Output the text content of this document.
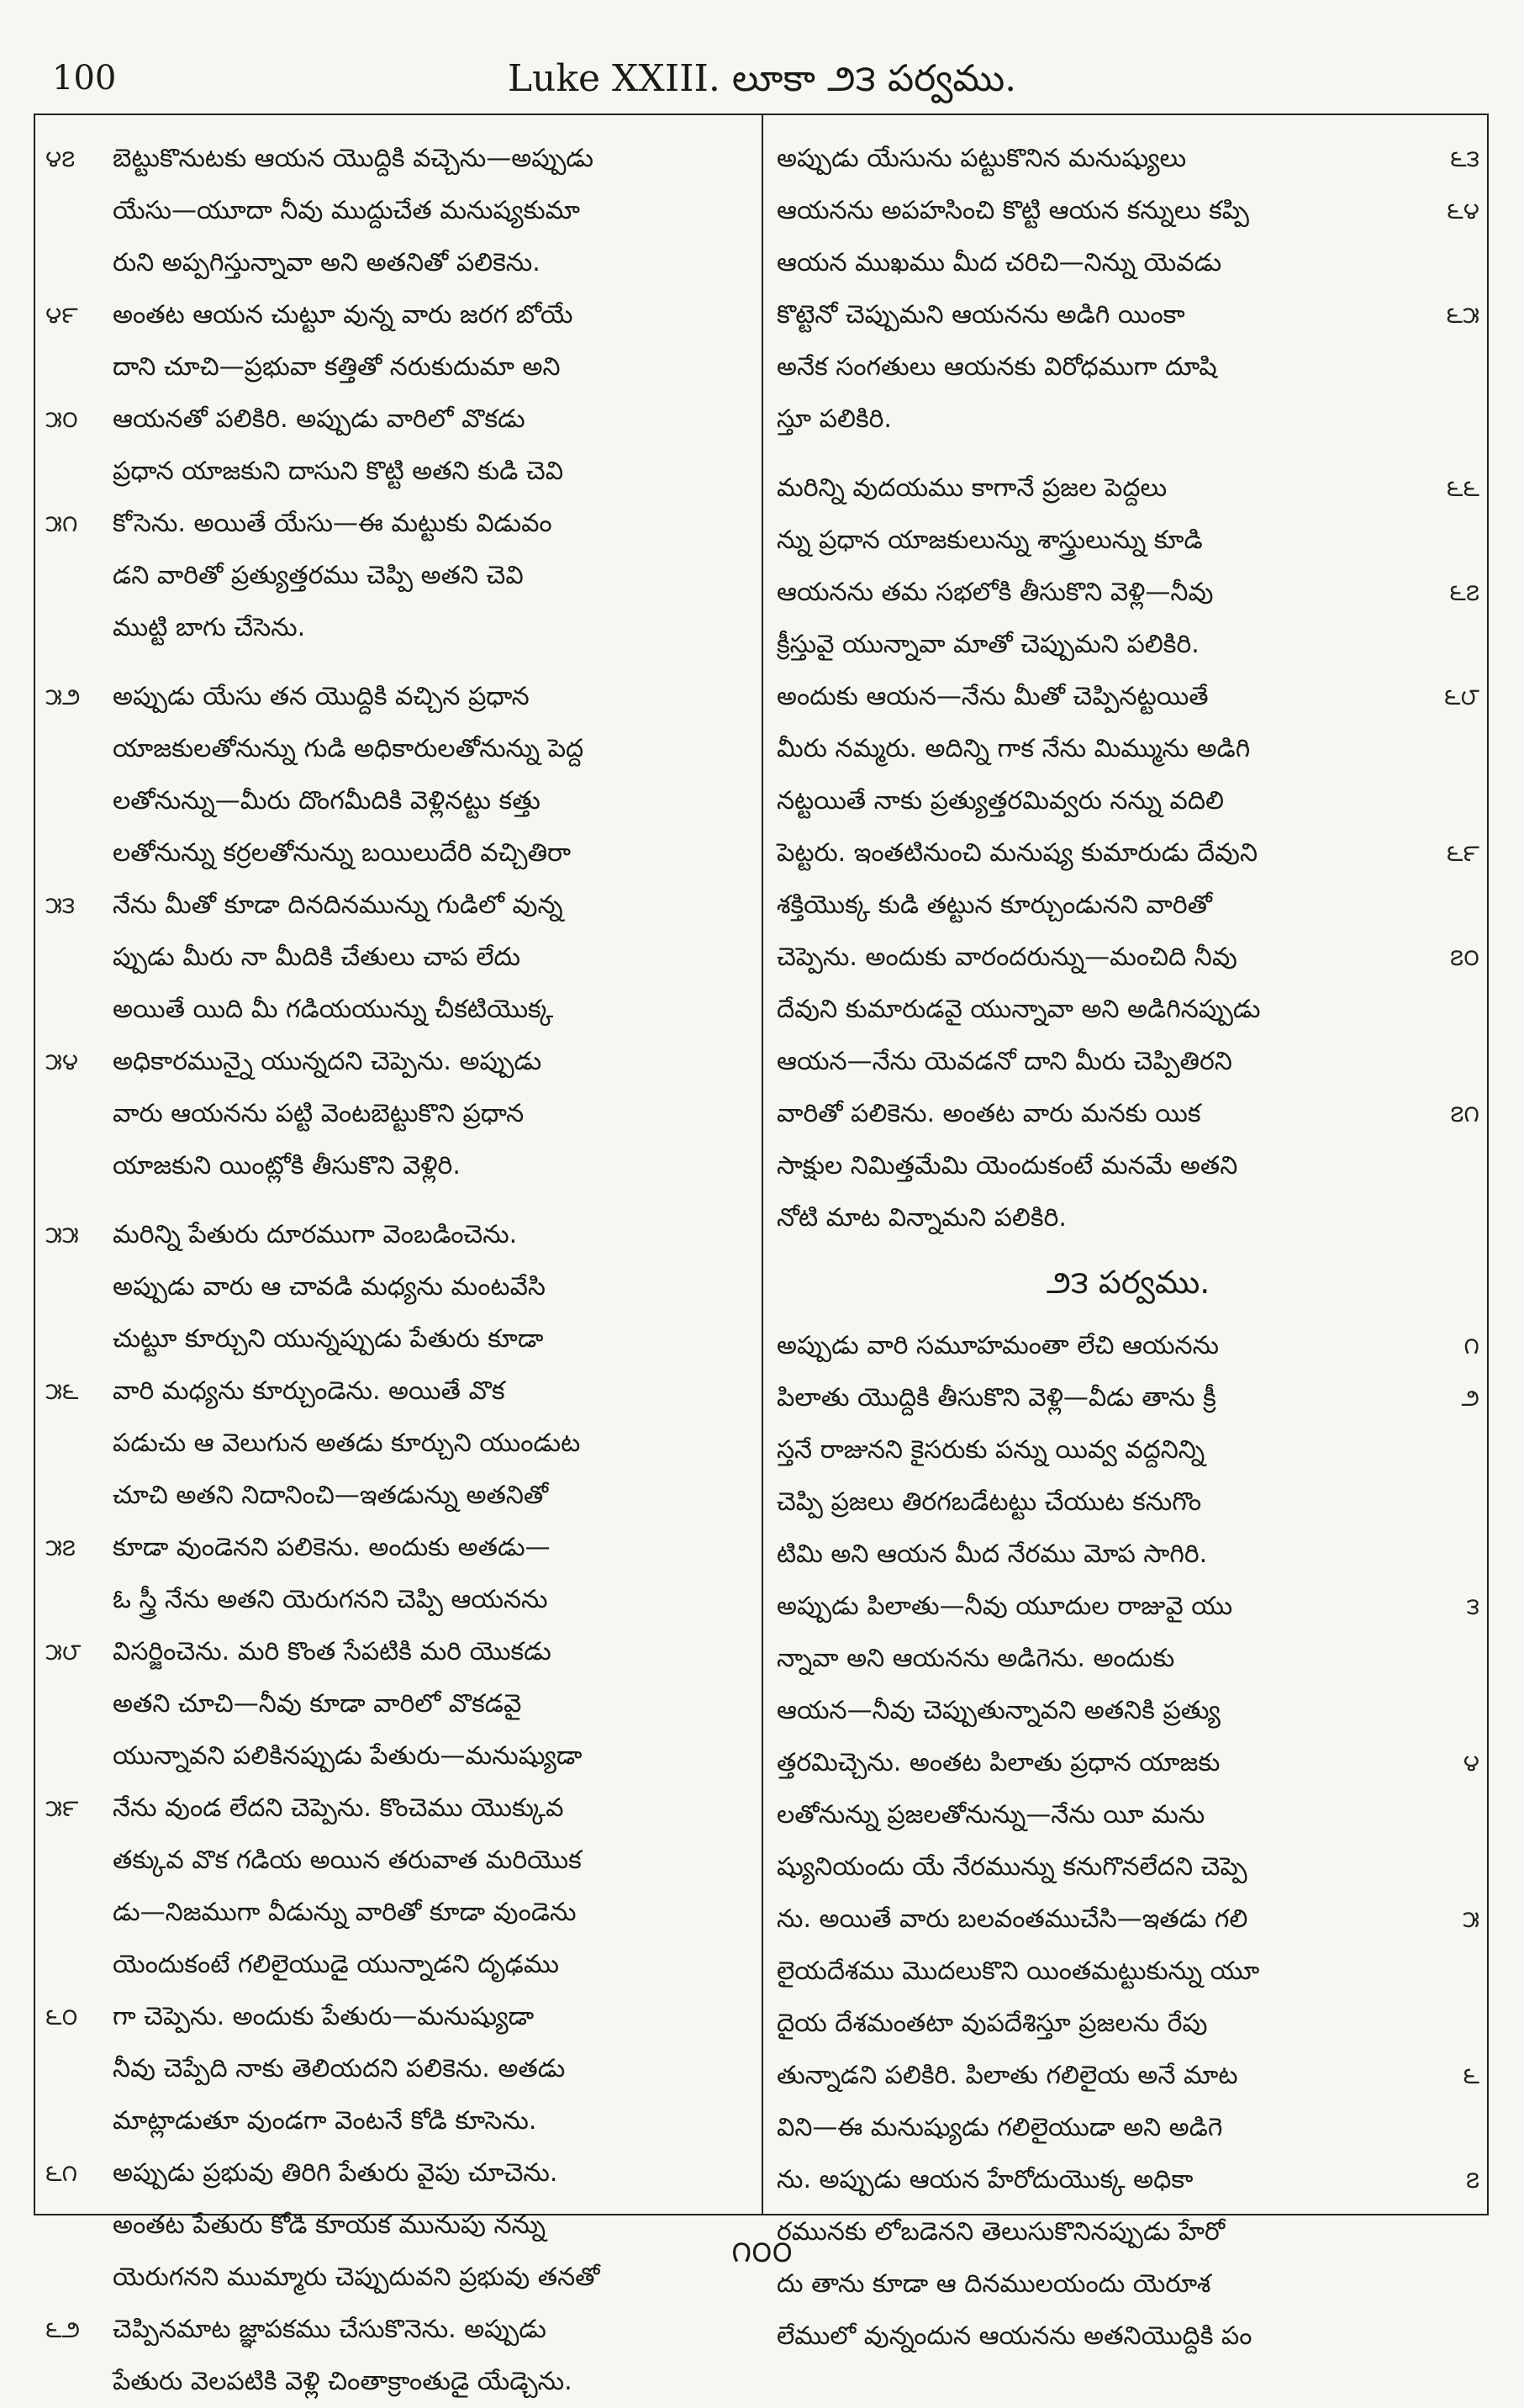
100	Luke XXIII. లూకా ౨౩ పర్వము.
౪౭ బెట్టుకొనుటకు ఆయన యొద్దికి వచ్చెను—అప్పుడు
యేసు—యూదా నీవు ముద్దుచేత మనుష్యకుమా
రుని అప్పగిస్తున్నావా అని అతనితో పలికెను.
౪౯ అంతట ఆయన చుట్టూ వున్న వారు జరగ బోయే
దాని చూచి—ప్రభువా కత్తితో నరుకుదుమా అని
౫౦ ఆయనతో పలికిరి. అప్పుడు వారిలో వొకడు
ప్రధాన యాజకుని దాసుని కొట్టి అతని కుడి చెవి
౫౧ కోసెను. అయితే యేసు—ఈ మట్టుకు విడువం
డని వారితో ప్రత్యుత్తరము చెప్పి అతని చెవి
ముట్టి బాగు చేసెను.
౫౨ అప్పుడు యేసు తన యొద్దికి వచ్చిన ప్రధాన
యాజకులతోనున్ను గుడి అధికారులతోనున్ను పెద్ద
లతోనున్ను—మీరు దొంగమీదికి వెళ్లినట్టు కత్తు
లతోనున్ను కర్రలతోనున్ను బయిలుదేరి వచ్చితిరా
౫౩ నేను మీతో కూడా దినదినమున్ను గుడిలో వున్న
ప్పుడు మీరు నా మీదికి చేతులు చాప లేదు
అయితే యిది మీ గడియయున్ను చీకటియొక్క
౫౪ అధికారమున్నై యున్నదని చెప్పెను. అప్పుడు
వారు ఆయనను పట్టి వెంటబెట్టుకొని ప్రధాన
యాజకుని యింట్లోకి తీసుకొని వెళ్లిరి.
౫౫ మరిన్ని పేతురు దూరముగా వెంబడించెను.
అప్పుడు వారు ఆ చావడి మధ్యను మంటవేసి
చుట్టూ కూర్చుని యున్నప్పుడు పేతురు కూడా
౫౬ వారి మధ్యను కూర్చుండెను. అయితే వొక
పడుచు ఆ వెలుగున అతడు కూర్చుని యుండుట
చూచి అతని నిదానించి—ఇతడున్ను అతనితో
౫౭ కూడా వుండెనని పలికెను. అందుకు అతడు—
ఓ స్త్రీ నేను అతని యెరుగనని చెప్పి ఆయనను
౫౮ విసర్జించెను. మరి కొంత సేపటికి మరి యొకడు
అతని చూచి—నీవు కూడా వారిలో వొకడవై
యున్నావని పలికినప్పుడు పేతురు—మనుష్యుడా
౫౯ నేను వుండ లేదని చెప్పెను. కొంచెము యొక్కువ
తక్కువ వొక గడియ అయిన తరువాత మరియొక
డు—నిజముగా వీడున్ను వారితో కూడా వుండెను
యెందుకంటే గలిలైయుడై యున్నాడని దృఢము
౬౦ గా చెప్పెను. అందుకు పేతురు—మనుష్యుడా
నీవు చెప్పేది నాకు తెలియదని పలికెను. అతడు
మాట్లాడుతూ వుండగా వెంటనే కోడి కూసెను.
౬౧ అప్పుడు ప్రభువు తిరిగి పేతురు వైపు చూచెను.
అంతట పేతురు కోడి కూయక మునుపు నన్ను
యెరుగనని ముమ్మారు చెప్పుదువని ప్రభువు తనతో
౬౨ చెప్పినమాట జ్ఞాపకము చేసుకొనెను. అప్పుడు
పేతురు వెలపటికి వెళ్లి చింతాక్రాంతుడై యేడ్చెను.
౬౩
అప్పుడు యేసును పట్టుకొనిన మనుష్యులు
౬౪
ఆయనను అపహసించి కొట్టి ఆయన కన్నులు కప్పి
ఆయన ముఖము మీద చరిచి—నిన్ను యెవడు
౬౫
కొట్టెనో చెప్పుమని ఆయనను అడిగి యింకా
అనేక సంగతులు ఆయనకు విరోధముగా దూషి
స్తూ పలికిరి.
౬౬
మరిన్ని వుదయము కాగానే ప్రజల పెద్దలు
న్ను ప్రధాన యాజకులున్ను శాస్త్రులున్ను కూడి
౬౭
ఆయనను తమ సభలోకి తీసుకొని వెళ్లి—నీవు
క్రీస్తువై యున్నావా మాతో చెప్పుమని పలికిరి.
౬౮
అందుకు ఆయన—నేను మీతో చెప్పినట్టయితే
మీరు నమ్మరు. అదిన్ని గాక నేను మిమ్మును అడిగి
నట్టయితే నాకు ప్రత్యుత్తరమివ్వరు నన్ను వదిలి
౬౯
పెట్టరు. ఇంతటినుంచి మనుష్య కుమారుడు దేవుని
శక్తియొక్క కుడి తట్టున కూర్చుండునని వారితో
౭౦
చెప్పెను. అందుకు వారందరున్ను—మంచిది నీవు
దేవుని కుమారుడవై యున్నావా అని అడిగినప్పుడు
ఆయన—నేను యెవడనో దాని మీరు చెప్పితిరని
౭౧
వారితో పలికెను. అంతట వారు మనకు యిక
సాక్షుల నిమిత్తమేమి యెందుకంటే మనమే అతని
నోటి మాట విన్నామని పలికిరి.
౨౩ పర్వము.
౧
అప్పుడు వారి సమూహమంతా లేచి ఆయనను
౨
పిలాతు యొద్దికి తీసుకొని వెళ్లి—వీడు తాను క్రీ
స్తనే రాజునని కైసరుకు పన్ను యివ్వ వద్దనిన్ని
చెప్పి ప్రజలు తిరగబడేటట్టు చేయుట కనుగొం
టిమి అని ఆయన మీద నేరము మోప సాగిరి.
౩
అప్పుడు పిలాతు—నీవు యూదుల రాజువై యు
న్నావా అని ఆయనను అడిగెను. అందుకు
ఆయన—నీవు చెప్పుతున్నావని అతనికి ప్రత్యు
౪
త్తరమిచ్చెను. అంతట పిలాతు ప్రధాన యాజకు
లతోనున్ను ప్రజలతోనున్ను—నేను యీ మను
ష్యునియందు యే నేరమున్ను కనుగొనలేదని చెప్పె
౫
ను. అయితే వారు బలవంతముచేసి—ఇతడు గలి
లైయదేశము మొదలుకొని యింతమట్టుకున్ను యూ
దైయ దేశమంతటా వుపదేశిస్తూ ప్రజలను రేపు
౬
తున్నాడని పలికిరి. పిలాతు గలిలైయ అనే మాట
విని—ఈ మనుష్యుడు గలిలైయుడా అని అడిగె
౭
ను. అప్పుడు ఆయన హేరోదుయొక్క అధికా
రమునకు లోబడెనని తెలుసుకొనినప్పుడు హేరో
దు తాను కూడా ఆ దినములయందు యెరూశ
లేములో వున్నందున ఆయనను అతనియొద్దికి పం
౧౦౦
